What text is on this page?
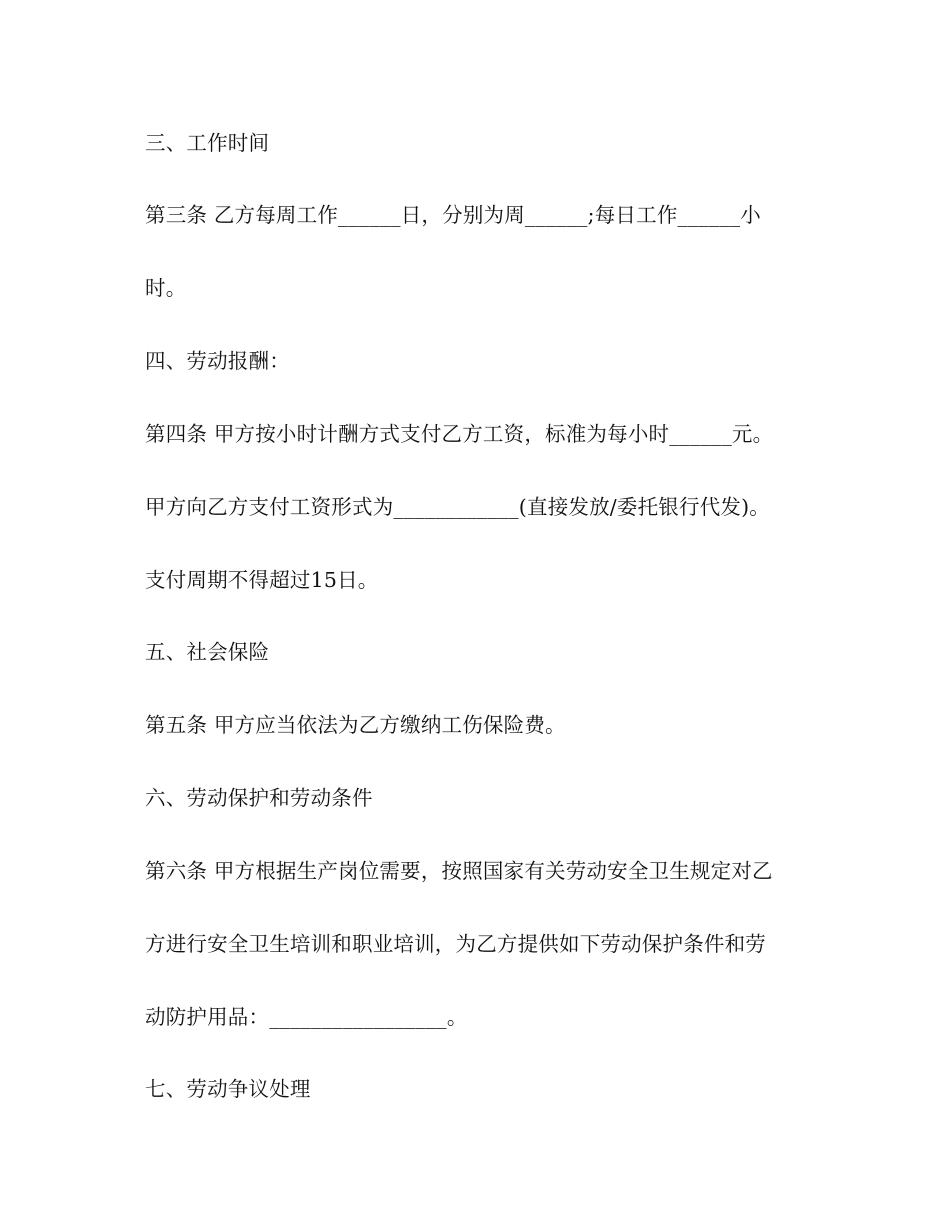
三、工作时间
第三条 乙方每周工作______日，分别为周______;每日工作______小
时。
四、劳动报酬：
第四条 甲方按小时计酬方式支付乙方工资，标准为每小时______元。
甲方向乙方支付工资形式为____________(直接发放/委托银行代发)。
支付周期不得超过15日。
五、社会保险
第五条 甲方应当依法为乙方缴纳工伤保险费。
六、劳动保护和劳动条件
第六条 甲方根据生产岗位需要，按照国家有关劳动安全卫生规定对乙
方进行安全卫生培训和职业培训，为乙方提供如下劳动保护条件和劳
动防护用品：_________________。
七、劳动争议处理
